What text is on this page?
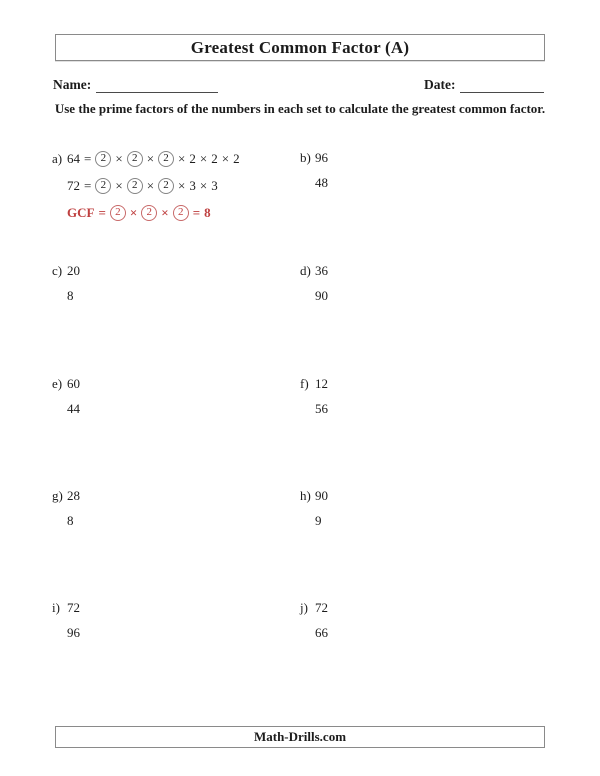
Greatest Common Factor (A)
Name:	Date:

Use the prime factors of the numbers in each set to calculate the greatest common factor.

a) 64 = 2 × 2 × 2 × 2 × 2 × 2
72 = 2 × 2 × 2 × 3 × 3
GCF = 2 × 2 × 2 = 8
b) 96
48
c) 20
8
d) 36
90
e) 60
44
f) 12
56
g) 28
8
h) 90
9
i) 72
96
j) 72
66
Math-Drills.com
